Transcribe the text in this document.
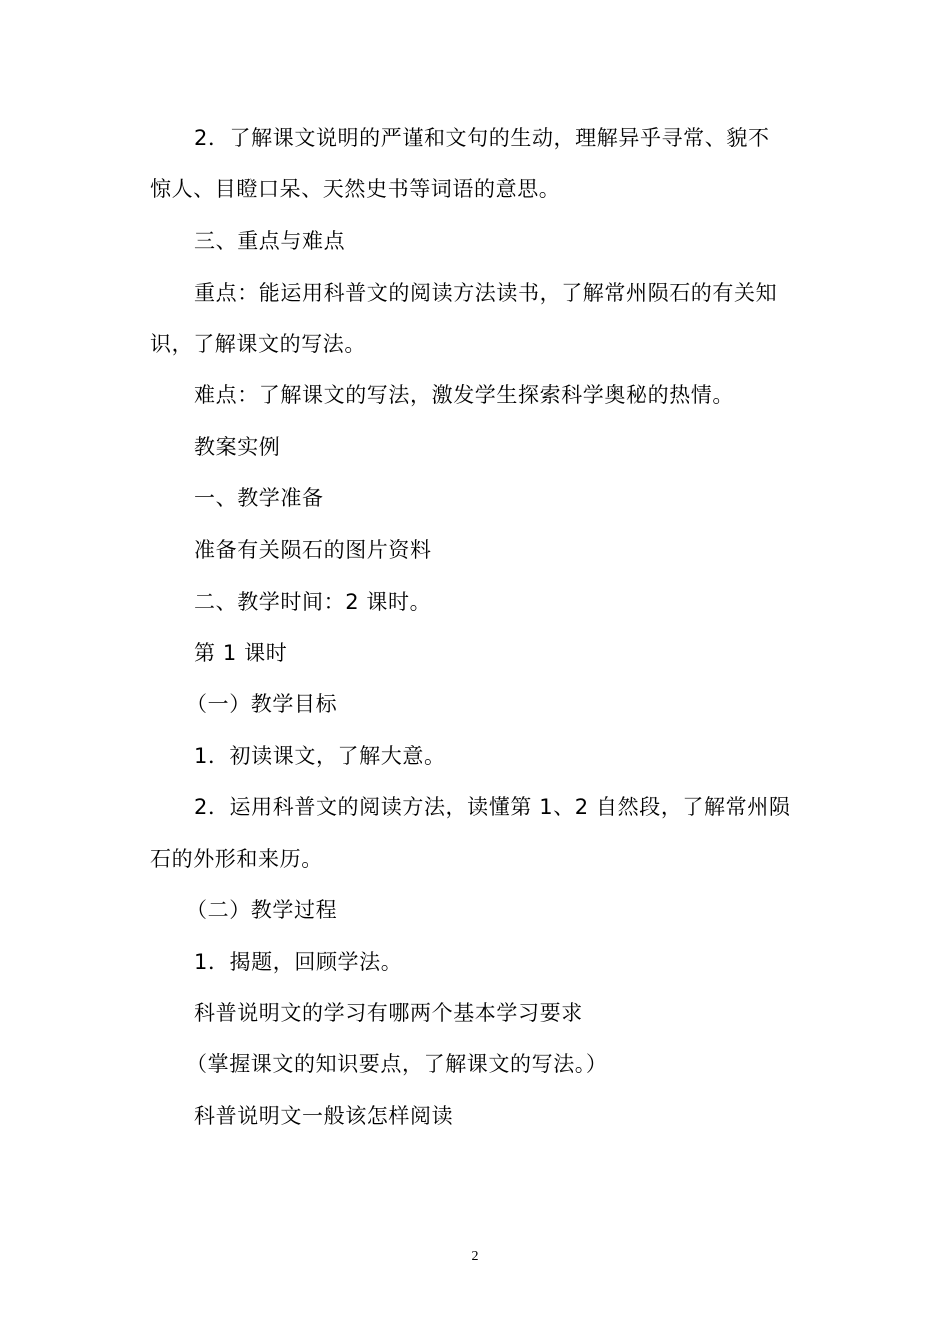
2．了解课文说明的严谨和文句的生动，理解异乎寻常、貌不
惊人、目瞪口呆、天然史书等词语的意思。
三、重点与难点
重点：能运用科普文的阅读方法读书，了解常州陨石的有关知
识，了解课文的写法。
难点：了解课文的写法，激发学生探索科学奥秘的热情。
教案实例
一、教学准备
准备有关陨石的图片资料
二、教学时间：2 课时。
第 1 课时
（一）教学目标
1．初读课文，了解大意。
2．运用科普文的阅读方法，读懂第 1、2 自然段，了解常州陨
石的外形和来历。
（二）教学过程
1．揭题，回顾学法。
科普说明文的学习有哪两个基本学习要求
（掌握课文的知识要点，了解课文的写法。）
科普说明文一般该怎样阅读
2
